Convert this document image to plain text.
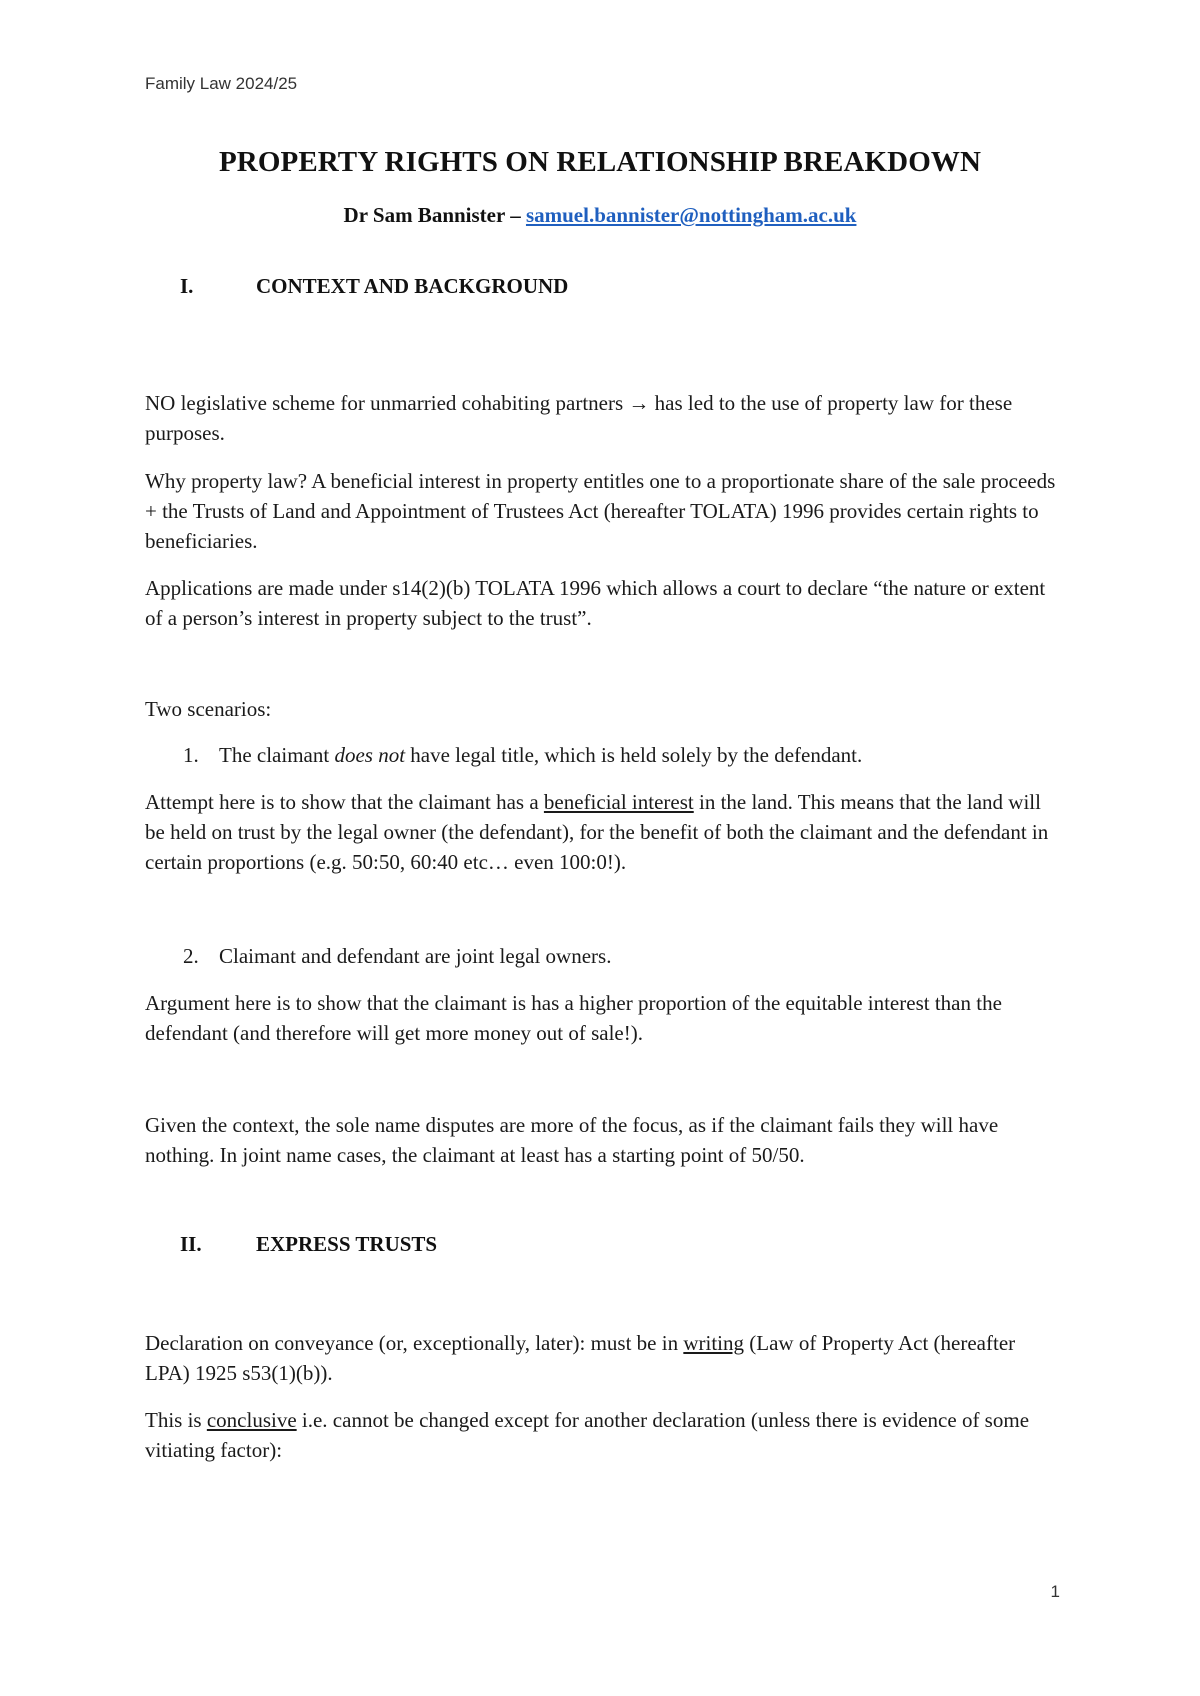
Family Law 2024/25
PROPERTY RIGHTS ON RELATIONSHIP BREAKDOWN
Dr Sam Bannister – samuel.bannister@nottingham.ac.uk
I.	CONTEXT AND BACKGROUND
NO legislative scheme for unmarried cohabiting partners → has led to the use of property law for these purposes.
Why property law? A beneficial interest in property entitles one to a proportionate share of the sale proceeds + the Trusts of Land and Appointment of Trustees Act (hereafter TOLATA) 1996 provides certain rights to beneficiaries.
Applications are made under s14(2)(b) TOLATA 1996 which allows a court to declare “the nature or extent of a person’s interest in property subject to the trust”.
Two scenarios:
1. The claimant does not have legal title, which is held solely by the defendant.
Attempt here is to show that the claimant has a beneficial interest in the land. This means that the land will be held on trust by the legal owner (the defendant), for the benefit of both the claimant and the defendant in certain proportions (e.g. 50:50, 60:40 etc… even 100:0!).
2. Claimant and defendant are joint legal owners.
Argument here is to show that the claimant is has a higher proportion of the equitable interest than the defendant (and therefore will get more money out of sale!).
Given the context, the sole name disputes are more of the focus, as if the claimant fails they will have nothing. In joint name cases, the claimant at least has a starting point of 50/50.
II.	EXPRESS TRUSTS
Declaration on conveyance (or, exceptionally, later): must be in writing (Law of Property Act (hereafter LPA) 1925 s53(1)(b)).
This is conclusive i.e. cannot be changed except for another declaration (unless there is evidence of some vitiating factor):
1
